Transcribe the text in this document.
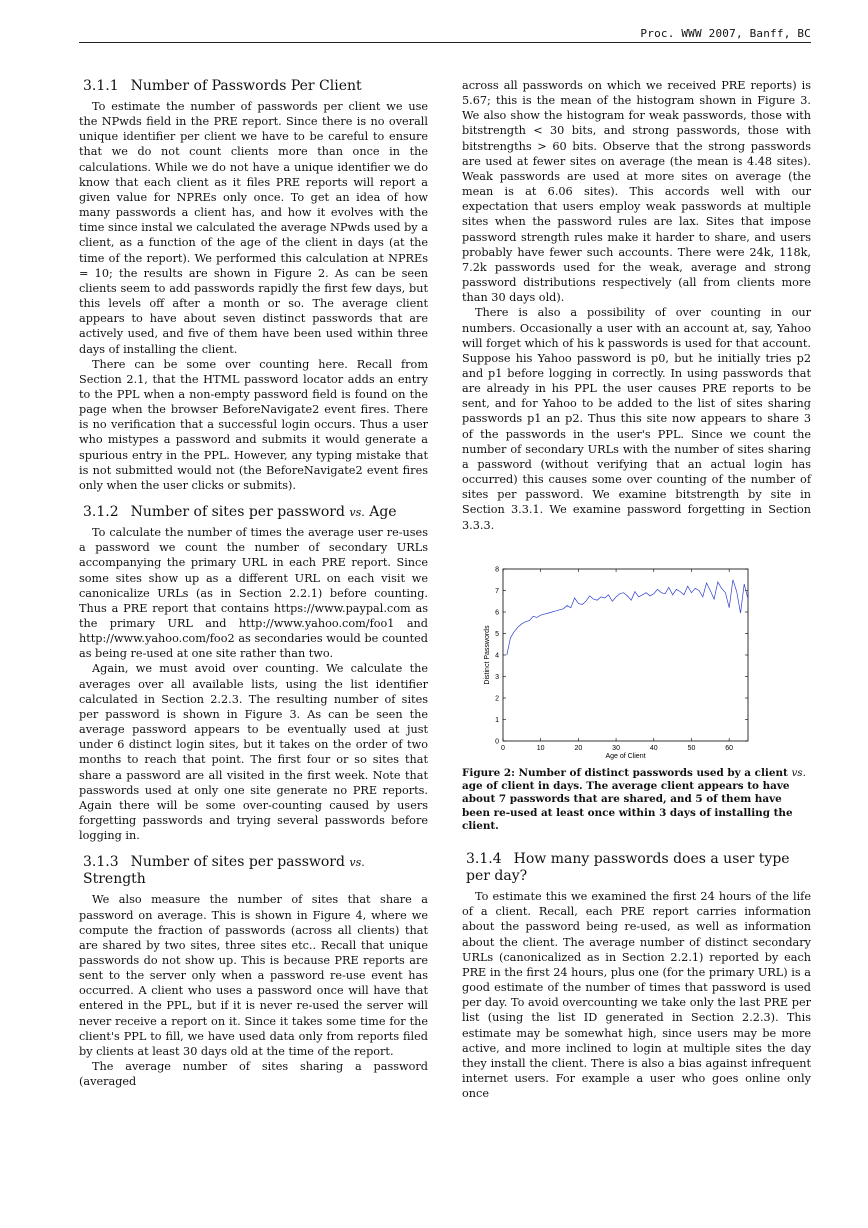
Proc. WWW 2007, Banff, BC
3.1.1 Number of Passwords Per Client

To estimate the number of passwords per client we use the NPwds field in the PRE report. Since there is no overall unique identifier per client we have to be careful to ensure that we do not count clients more than once in the calculations. While we do not have a unique identifier we do know that each client as it files PRE reports will report a given value for NPREs only once. To get an idea of how many passwords a client has, and how it evolves with the time since instal we calculated the average NPwds used by a client, as a function of the age of the client in days (at the time of the report). We performed this calculation at NPREs = 10; the results are shown in Figure 2. As can be seen clients seem to add passwords rapidly the first few days, but this levels off after a month or so. The average client appears to have about seven distinct passwords that are actively used, and five of them have been used within three days of installing the client.

There can be some over counting here. Recall from Section 2.1, that the HTML password locator adds an entry to the PPL when a non-empty password field is found on the page when the browser BeforeNavigate2 event fires. There is no verification that a successful login occurs. Thus a user who mistypes a password and submits it would generate a spurious entry in the PPL. However, any typing mistake that is not submitted would not (the BeforeNavigate2 event fires only when the user clicks or submits).

3.1.2 Number of sites per password vs. Age

To calculate the number of times the average user re-uses a password we count the number of secondary URLs accompanying the primary URL in each PRE report. Since some sites show up as a different URL on each visit we canonicalize URLs (as in Section 2.2.1) before counting. Thus a PRE report that contains https://www.paypal.com as the primary URL and http://www.yahoo.com/foo1 and http://www.yahoo.com/foo2 as secondaries would be counted as being re-used at one site rather than two.

Again, we must avoid over counting. We calculate the averages over all available lists, using the list identifier calculated in Section 2.2.3. The resulting number of sites per password is shown in Figure 3. As can be seen the average password appears to be eventually used at just under 6 distinct login sites, but it takes on the order of two months to reach that point. The first four or so sites that share a password are all visited in the first week. Note that passwords used at only one site generate no PRE reports. Again there will be some over-counting caused by users forgetting passwords and trying several passwords before logging in.

3.1.3 Number of sites per password vs. Strength

We also measure the number of sites that share a password on average. This is shown in Figure 4, where we compute the fraction of passwords (across all clients) that are shared by two sites, three sites etc.. Recall that unique passwords do not show up. This is because PRE reports are sent to the server only when a password re-use event has occurred. A client who uses a password once will have that entered in the PPL, but if it is never re-used the server will never receive a report on it. Since it takes some time for the client's PPL to fill, we have used data only from reports filed by clients at least 30 days old at the time of the report.

The average number of sites sharing a password (averaged

across all passwords on which we received PRE reports) is 5.67; this is the mean of the histogram shown in Figure 3. We also show the histogram for weak passwords, those with bitstrength < 30 bits, and strong passwords, those with bitstrengths > 60 bits. Observe that the strong passwords are used at fewer sites on average (the mean is 4.48 sites). Weak passwords are used at more sites on average (the mean is at 6.06 sites). This accords well with our expectation that users employ weak passwords at multiple sites when the password rules are lax. Sites that impose password strength rules make it harder to share, and users probably have fewer such accounts. There were 24k, 118k, 7.2k passwords used for the weak, average and strong password distributions respectively (all from clients more than 30 days old).

There is also a possibility of over counting in our numbers. Occasionally a user with an account at, say, Yahoo will forget which of his k passwords is used for that account. Suppose his Yahoo password is p0, but he initially tries p2 and p1 before logging in correctly. In using passwords that are already in his PPL the user causes PRE reports to be sent, and for Yahoo to be added to the list of sites sharing passwords p1 an p2. Thus this site now appears to share 3 of the passwords in the user's PPL. Since we count the number of secondary URLs with the number of sites sharing a password (without verifying that an actual login has occurred) this causes some over counting of the number of sites per password. We examine bitstrength by site in Section 3.3.1. We examine password forgetting in Section 3.3.3.

0	10	20	30	40	50	60
0
1
2
3
4
5
6
7
8
Age of Client
Distinct Passwords
Figure 2: Number of distinct passwords used by a client vs. age of client in days. The average client appears to have about 7 passwords that are shared, and 5 of them have been re-used at least once within 3 days of installing the client.
3.1.4 How many passwords does a user type per day?

To estimate this we examined the first 24 hours of the life of a client. Recall, each PRE report carries information about the password being re-used, as well as information about the client. The average number of distinct secondary URLs (canonicalized as in Section 2.2.1) reported by each PRE in the first 24 hours, plus one (for the primary URL) is a good estimate of the number of times that password is used per day. To avoid overcounting we take only the last PRE per list (using the list ID generated in Section 2.2.3). This estimate may be somewhat high, since users may be more active, and more inclined to login at multiple sites the day they install the client. There is also a bias against infrequent internet users. For example a user who goes online only once
